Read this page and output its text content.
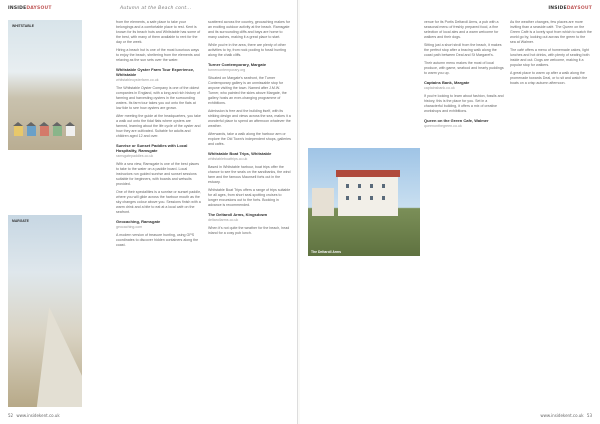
INSIDEDAYSOUT	Autumn at the Beach cont...
WHITSTABLE
MARGATE

from the elements, a safe place to take your belongings and a comfortable place to rest. Kent is known for its beach huts and Whitstable has some of the best, with many of them available to rent for the day or the week.

Hiring a beach hut is one of the most luxurious ways to enjoy the beach, sheltering from the elements and relaxing as the sun sets over the water.

Whitstable Oyster Farm Tour Experience, Whitstable
whitstableoysterfarm.co.uk

The Whitstable Oyster Company is one of the oldest companies in England, with a long and rich history of farming and harvesting oysters in the surrounding waters. Its farm tour takes you out onto the flats at low tide to see how oysters are grown.

After meeting the guide at the headquarters, you take a walk out onto the tidal flats where oysters are farmed, learning about the life cycle of the oyster and how they are cultivated. Suitable for adults and children aged 12 and over.

Sunrise or Sunset Paddles with Local Hospitality, Ramsgate
ramsgatepaddles.co.uk

With a sea view, Ramsgate is one of the best places to take to the water on a paddle board. Local instructors run guided sunrise and sunset sessions suitable for beginners, with boards and wetsuits provided.

One of their specialities is a sunrise or sunset paddle, where you will glide across the harbour mouth as the sky changes colour above you. Sessions finish with a warm drink and a bite to eat at a local café on the seafront.

Geocaching, Ramsgate
geocaching.com

A modern version of treasure hunting, using GPS coordinates to discover hidden containers along the coast.

scattered across the country, geocaching makes for an exciting outdoor activity at the beach. Ramsgate and its surrounding cliffs and bays are home to many caches, making it a great place to start.

While you're in the area, there are plenty of other activities to try, from rock pooling to fossil hunting along the chalk cliffs.

Turner Contemporary, Margate
turnercontemporary.org

Situated on Margate's seafront, the Turner Contemporary gallery is an unmissable stop for anyone visiting the town. Named after J.M.W. Turner, who painted the skies above Margate, the gallery hosts an ever-changing programme of exhibitions.

Admission is free and the building itself, with its striking design and views across the sea, makes it a wonderful place to spend an afternoon whatever the weather.

Afterwards, take a walk along the harbour arm or explore the Old Town's independent shops, galleries and cafés.

Whitstable Boat Trips, Whitstable
whitstableboattrips.co.uk

Based in Whitstable harbour, boat trips offer the chance to see the seals on the sandbanks, the wind farm and the famous Maunsell forts out in the estuary.

Whitstable Boat Trips offers a range of trips suitable for all ages, from short seal-spotting cruises to longer excursions out to the forts. Booking in advance is recommended.

The Deltaroll Arms, Kingsdown
deltarollarms.co.uk

When it's not quite the weather for the beach, head inland for a cosy pub lunch.

52 www.insidekent.co.uk
INSIDEDAYSOUT
The Deltaroll Arms

venue for its Portis Deltaroll Arms, a pub with a seasonal menu of freshly prepared food, a fine selection of local ales and a warm welcome for walkers and their dogs.

Sitting just a short stroll from the beach, it makes the perfect stop after a bracing walk along the coast path between Deal and St Margaret's.

Their autumn menu makes the most of local produce, with game, seafood and hearty puddings to warm you up.

Captains Bank, Margate
captainsbank.co.uk

If you're looking to learn about fashion, fossils and history, this is the place for you. Set in a characterful building, it offers a mix of creative workshops and exhibitions.

Queen on the Green Cafe, Walmer
queenonthegreen.co.uk

As the weather changes, few places are more inviting than a seaside café. The Queen on the Green Café is a lovely spot from which to watch the world go by, looking out across the green to the sea at Walmer.

The café offers a menu of homemade cakes, light lunches and hot drinks, with plenty of seating both inside and out. Dogs are welcome, making it a popular stop for walkers.

A great place to warm up after a walk along the promenade towards Deal, or to sit and watch the boats on a crisp autumn afternoon.

www.insidekent.co.uk 53
